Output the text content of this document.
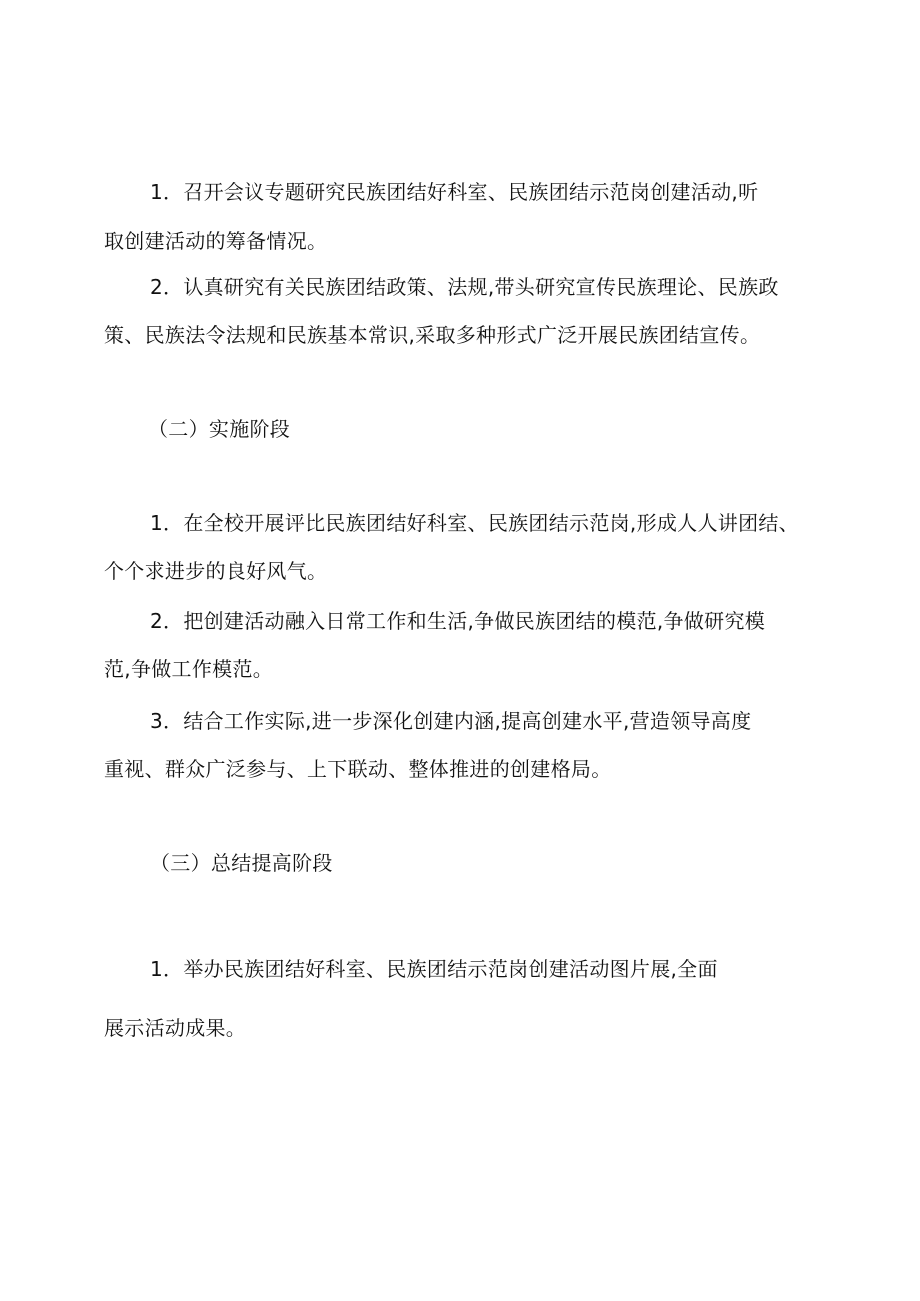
1．召开会议专题研究民族团结好科室、民族团结示范岗创建活动,听
取创建活动的筹备情况。
2．认真研究有关民族团结政策、法规,带头研究宣传民族理论、民族政
策、民族法令法规和民族基本常识,采取多种形式广泛开展民族团结宣传。
（二）实施阶段
1．在全校开展评比民族团结好科室、民族团结示范岗,形成人人讲团结、
个个求进步的良好风气。
2．把创建活动融入日常工作和生活,争做民族团结的模范,争做研究模
范,争做工作模范。
3．结合工作实际,进一步深化创建内涵,提高创建水平,营造领导高度
重视、群众广泛参与、上下联动、整体推进的创建格局。
（三）总结提高阶段
1．举办民族团结好科室、民族团结示范岗创建活动图片展,全面
展示活动成果。
